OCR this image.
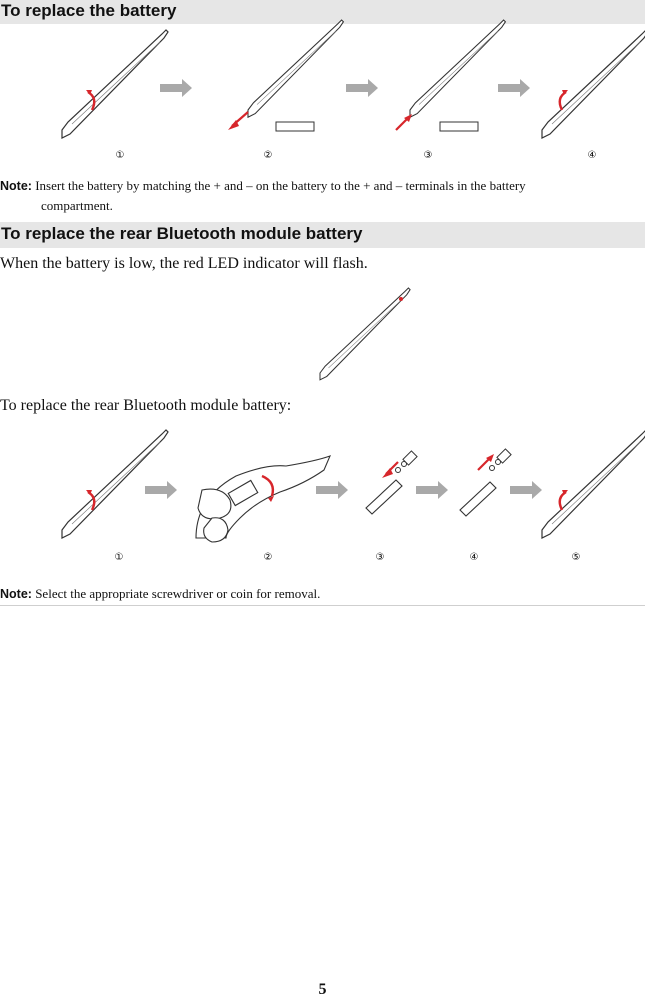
To replace the battery
①	②	③	④
Note: Insert the battery by matching the + and – on the battery to the + and – terminals in the battery
compartment.
To replace the rear Bluetooth module battery
When the battery is low, the red LED indicator will flash.
To replace the rear Bluetooth module battery:
①	②	③	④	⑤
Note: Select the appropriate screwdriver or coin for removal.
5
